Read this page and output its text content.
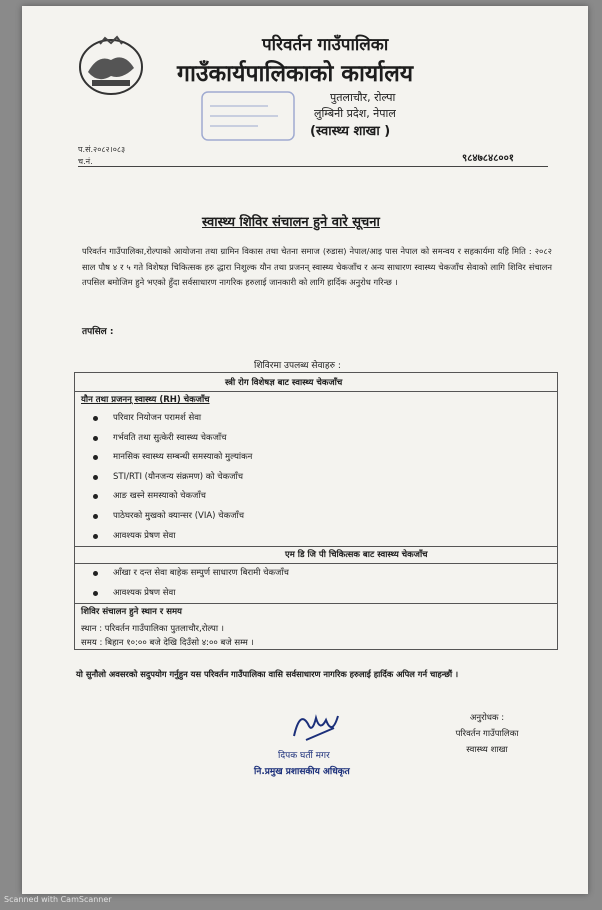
परिवर्तन गाउँपालिका
गाउँकार्यपालिकाको कार्यालय
पुतलाचौर, रोल्पा
लुम्बिनी प्रदेश, नेपाल
(स्वास्थ्य शाखा )
प.सं.२०८२।०८३
च.नं.	९८४७८४८००१
स्वास्थ्य शिविर संचालन हुने वारे सूचना
परिवर्तन गाउँपालिका,रोल्पाको आयोजना तथा ग्रामिन विकास तथा चेतना समाज (रुडास) नेपाल/आइ पास नेपाल को समन्वय र सहकार्यमा यहि मिति : २०८२ साल पौष ४ र ५ गते विशेषज्ञ चिकित्सक हरु द्धारा निशुल्क यौन तथा प्रजनन् स्वास्थ्य चेकजाँच र अन्य साधारण स्वास्थ्य चेकजाँच सेवाको लागि शिविर संचालन तपसिल बमोजिम हुने भएको हुँदा सर्वसाधारण नागरिक हरुलाई जानकारी को लागि हार्दिक अनुरोध गरिन्छ ।
तपसिल :
शिविरमा उपलब्ध सेवाहरु :
स्त्री रोग विशेषज्ञ बाट स्वास्थ्य चेकजाँच
यौन तथा प्रजनन् स्वास्थ्य (RH) चेकजाँच
परिवार नियोजन परामर्श सेवा
गर्भवति तथा सुत्केरी स्वास्थ्य चेकजाँच
मानसिक स्वास्थ्य सम्बन्धी समस्याको मुल्यांकन
STI/RTI (यौनजन्य संक्रमण) को चेकजाँच
आङ खस्ने समस्याको चेकजाँच
पाठेघरको मुखको क्यान्सर (VIA) चेकजाँच
आवश्यक प्रेषण सेवा
एम डि जि पी चिकित्सक बाट स्वास्थ्य चेकजाँच
आँखा र दन्त सेवा बाहेक सम्पुर्ण साधारण बिरामी चेकजाँच
आवश्यक प्रेषण सेवा
शिविर संचालन हुने स्थान र समय
स्थान : परिवर्तन गाउँपालिका पुतलाचौर,रोल्पा ।
समय : बिहान १०:०० बजे देखि दिउँसो ४:०० बजे सम्म ।
यो सुनौलो अवसरको सदुपयोग गर्नुहुन यस परिवर्तन गाउँपालिका वासि सर्वसाधारण नागरिक हरुलाई हार्दिक अपिल गर्न चाहन्छौं ।
दिपक घर्ती मगर
नि.प्रमुख प्रशासकीय अधिकृत
अनुरोधक :
परिवर्तन गाउँपालिका
स्वास्थ्य शाखा
Scanned with CamScanner
